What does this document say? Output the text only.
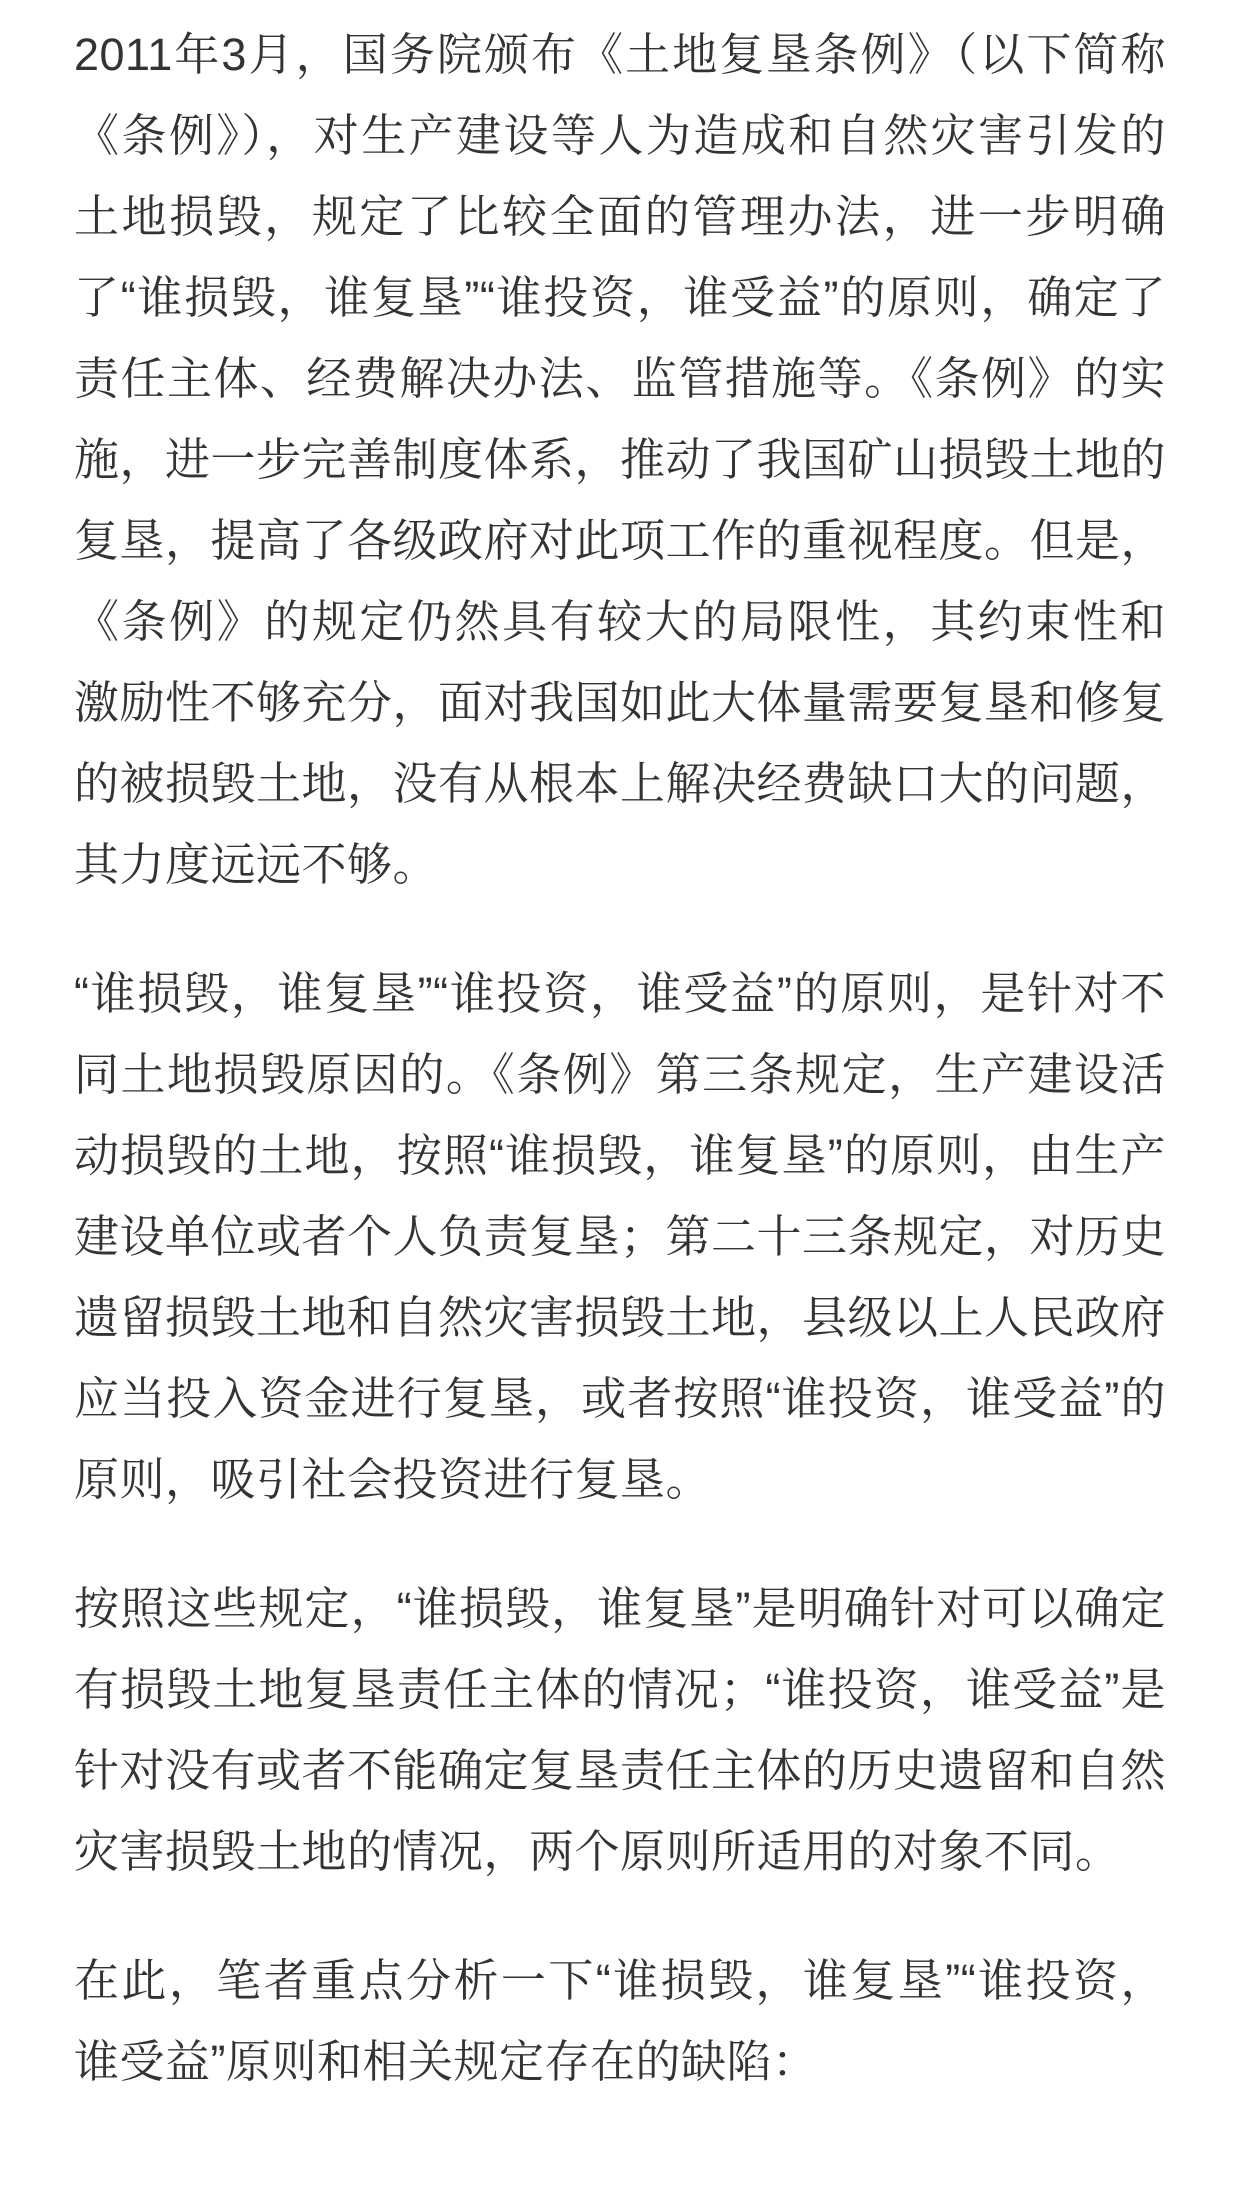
2011年3月，国务院颁布《土地复垦条例》（以下简称《条例》），对生产建设等人为造成和自然灾害引发的土地损毁，规定了比较全面的管理办法，进一步明确了“谁损毁，谁复垦”“谁投资，谁受益”的原则，确定了责任主体、经费解决办法、监管措施等。《条例》的实施，进一步完善制度体系，推动了我国矿山损毁土地的复垦，提高了各级政府对此项工作的重视程度。但是，《条例》的规定仍然具有较大的局限性，其约束性和激励性不够充分，面对我国如此大体量需要复垦和修复的被损毁土地，没有从根本上解决经费缺口大的问题，其力度远远不够。

“谁损毁，谁复垦”“谁投资，谁受益”的原则，是针对不同土地损毁原因的。《条例》第三条规定，生产建设活动损毁的土地，按照“谁损毁，谁复垦”的原则，由生产建设单位或者个人负责复垦；第二十三条规定，对历史遗留损毁土地和自然灾害损毁土地，县级以上人民政府应当投入资金进行复垦，或者按照“谁投资，谁受益”的原则，吸引社会投资进行复垦。

按照这些规定，“谁损毁，谁复垦”是明确针对可以确定有损毁土地复垦责任主体的情况；“谁投资，谁受益”是针对没有或者不能确定复垦责任主体的历史遗留和自然灾害损毁土地的情况，两个原则所适用的对象不同。

在此，笔者重点分析一下“谁损毁，谁复垦”“谁投资，谁受益”原则和相关规定存在的缺陷：
